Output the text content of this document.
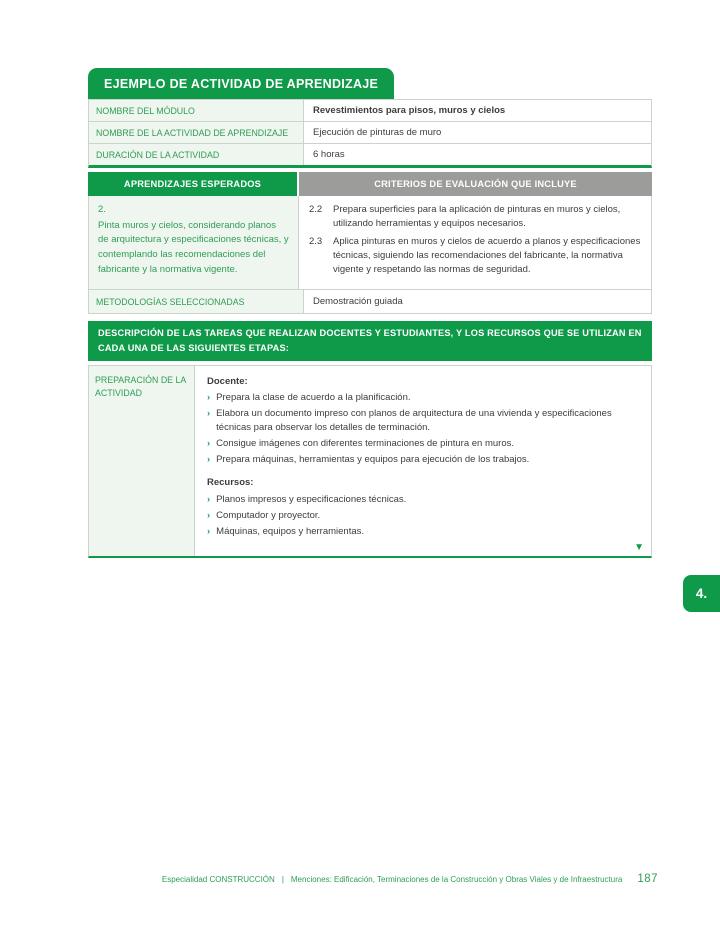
EJEMPLO DE ACTIVIDAD DE APRENDIZAJE
NOMBRE DEL MÓDULO	Revestimientos para pisos, muros y cielos
NOMBRE DE LA ACTIVIDAD DE APRENDIZAJE	Ejecución de pinturas de muro
DURACIÓN DE LA ACTIVIDAD	6 horas
APRENDIZAJES ESPERADOS	CRITERIOS DE EVALUACIÓN QUE INCLUYE
2.
Pinta muros y cielos, considerando planos de arquitectura y especificaciones técnicas, y contemplando las recomendaciones del fabricante y la normativa vigente.
2.2	Prepara superficies para la aplicación de pinturas en muros y cielos, utilizando herramientas y equipos necesarios.
2.3	Aplica pinturas en muros y cielos de acuerdo a planos y especificaciones técnicas, siguiendo las recomendaciones del fabricante, la normativa vigente y respetando las normas de seguridad.
METODOLOGÍAS SELECCIONADAS	Demostración guiada
DESCRIPCIÓN DE LAS TAREAS QUE REALIZAN DOCENTES Y ESTUDIANTES, Y LOS RECURSOS QUE SE UTILIZAN EN CADA UNA DE LAS SIGUIENTES ETAPAS:
PREPARACIÓN DE LA ACTIVIDAD
Docente:
› Prepara la clase de acuerdo a la planificación.
› Elabora un documento impreso con planos de arquitectura de una vivienda y especificaciones técnicas para observar los detalles de terminación.
› Consigue imágenes con diferentes terminaciones de pintura en muros.
› Prepara máquinas, herramientas y equipos para ejecución de los trabajos.
Recursos:
› Planos impresos y especificaciones técnicas.
› Computador y proyector.
› Máquinas, equipos y herramientas.
▼
4.
Especialidad CONSTRUCCIÓN | Menciones: Edificación, Terminaciones de la Construcción y Obras Viales y de Infraestructura 187
